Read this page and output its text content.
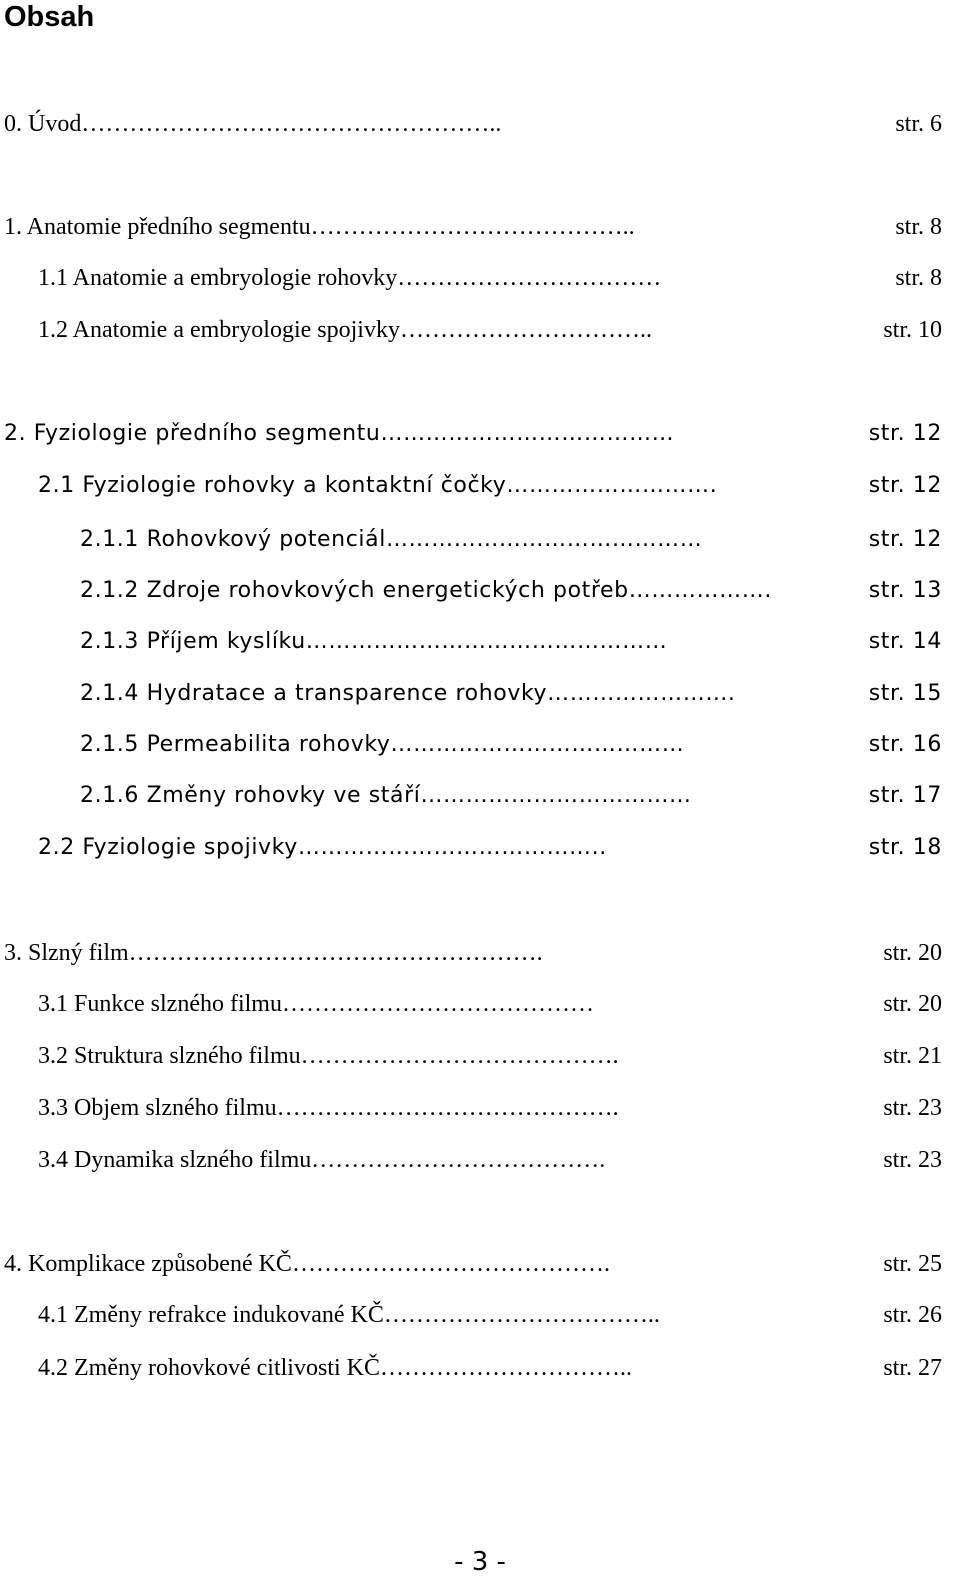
Obsah
0. Úvod ……………………………………………..	str. 6
1. Anatomie předního segmentu …………………………………..	str. 8
1.1 Anatomie a embryologie rohovky ……………………………	str. 8
1.2 Anatomie a embryologie spojivky …………………………..	str. 10
2. Fyziologie předního segmentu …………………………………	str. 12
2.1 Fyziologie rohovky a kontaktní čočky ……………………….	str. 12
2.1.1 Rohovkový potenciál ……………………………………	str. 12
2.1.2 Zdroje rohovkových energetických potřeb ……………….	str. 13
2.1.3 Příjem kyslíku …………………………………………	str. 14
2.1.4 Hydratace a transparence rohovky …………………….	str. 15
2.1.5 Permeabilita rohovky …………………………………	str. 16
2.1.6 Změny rohovky ve stáří ………………………………	str. 17
2.2 Fyziologie spojivky …………………………………..	str. 18
3. Slzný film …………………………………………….	str. 20
3.1 Funkce slzného filmu …………………………………	str. 20
3.2 Struktura slzného filmu ………………………………….	str. 21
3.3 Objem slzného filmu …………………………………….	str. 23
3.4 Dynamika slzného filmu ……………………………….	str. 23
4. Komplikace způsobené KČ ………………………………….	str. 25
4.1 Změny refrakce indukované KČ ……………………………..	str. 26
4.2 Změny rohovkové citlivosti KČ …………………………..	str. 27
- 3 -
